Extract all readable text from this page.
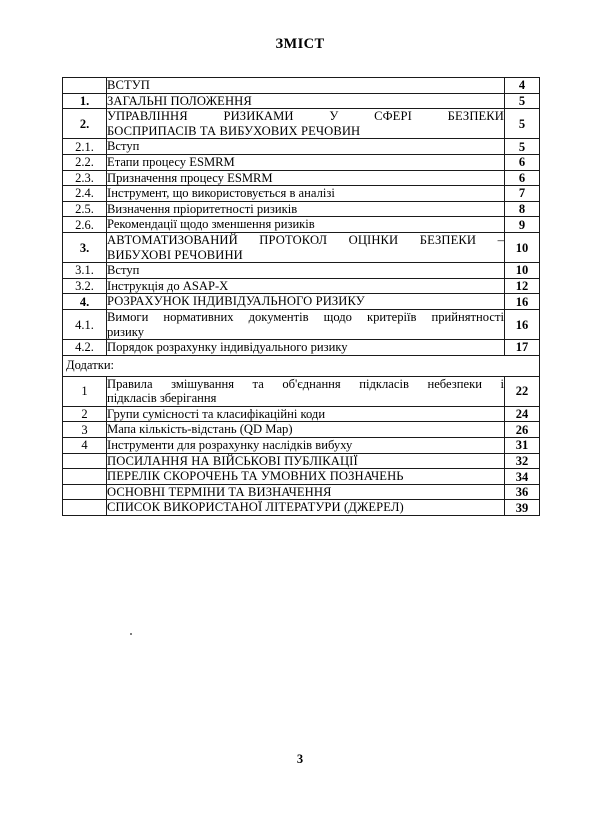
ЗМІСТ
	ВСТУП	4
1.	ЗАГАЛЬНІ ПОЛОЖЕННЯ	5
2.	УПРАВЛІННЯ РИЗИКАМИ У СФЕРІ БЕЗПЕКИ
БОСПРИПАСІВ ТА ВИБУХОВИХ РЕЧОВИН	5
2.1.	Вступ	5
2.2.	Етапи процесу ESMRM	6
2.3.	Призначення процесу ESMRM	6
2.4.	Інструмент, що використовується в аналізі	7
2.5.	Визначення пріоритетності ризиків	8
2.6.	Рекомендації щодо зменшення ризиків	9
3.	АВТОМАТИЗОВАНИЙ ПРОТОКОЛ ОЦІНКИ БЕЗПЕКИ –
ВИБУХОВІ РЕЧОВИНИ	10
3.1.	Вступ	10
3.2.	Інструкція до ASAP-X	12
4.	РОЗРАХУНОК ІНДИВІДУАЛЬНОГО РИЗИКУ	16
4.1.	Вимоги нормативних документів щодо критеріїв прийнятності
ризику	16
4.2.	Порядок розрахунку індивідуального ризику	17
Додатки:		
1	Правила змішування та об'єднання підкласів небезпеки і
підкласів зберігання	22
2	Групи сумісності та класифікаційні коди	24
3	Мапа кількість-відстань (QD Map)	26
4	Інструменти для розрахунку наслідків вибуху	31
	ПОСИЛАННЯ НА ВІЙСЬКОВІ ПУБЛІКАЦІЇ	32
	ПЕРЕЛІК СКОРОЧЕНЬ ТА УМОВНИХ ПОЗНАЧЕНЬ	34
	ОСНОВНІ ТЕРМІНИ ТА ВИЗНАЧЕННЯ	36
	СПИСОК ВИКОРИСТАНОЇ ЛІТЕРАТУРИ (ДЖЕРЕЛ)	39
3
